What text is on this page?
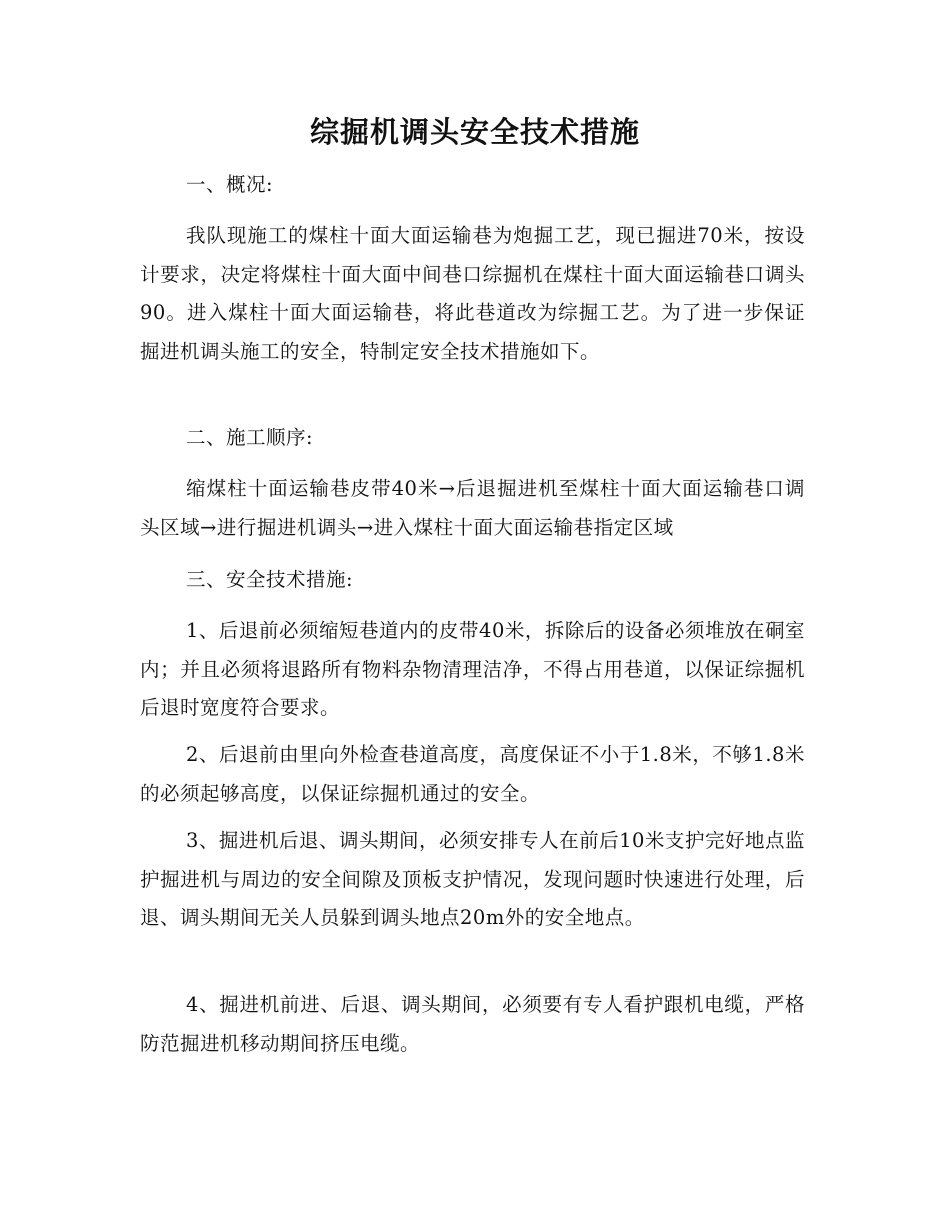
综掘机调头安全技术措施

一、概况:

我队现施工的煤柱十面大面运输巷为炮掘工艺，现已掘进70米，按设计要求，决定将煤柱十面大面中间巷口综掘机在煤柱十面大面运输巷口调头90。进入煤柱十面大面运输巷，将此巷道改为综掘工艺。为了进一步保证掘进机调头施工的安全，特制定安全技术措施如下。

二、施工顺序:

缩煤柱十面运输巷皮带40米→后退掘进机至煤柱十面大面运输巷口调头区域→进行掘进机调头→进入煤柱十面大面运输巷指定区域

三、安全技术措施:

1、后退前必须缩短巷道内的皮带40米，拆除后的设备必须堆放在硐室内；并且必须将退路所有物料杂物清理洁净，不得占用巷道，以保证综掘机后退时宽度符合要求。

2、后退前由里向外检查巷道高度，高度保证不小于1.8米，不够1.8米的必须起够高度，以保证综掘机通过的安全。

3、掘进机后退、调头期间，必须安排专人在前后10米支护完好地点监护掘进机与周边的安全间隙及顶板支护情况，发现问题时快速进行处理，后退、调头期间无关人员躲到调头地点20m外的安全地点。

4、掘进机前进、后退、调头期间，必须要有专人看护跟机电缆，严格防范掘进机移动期间挤压电缆。
